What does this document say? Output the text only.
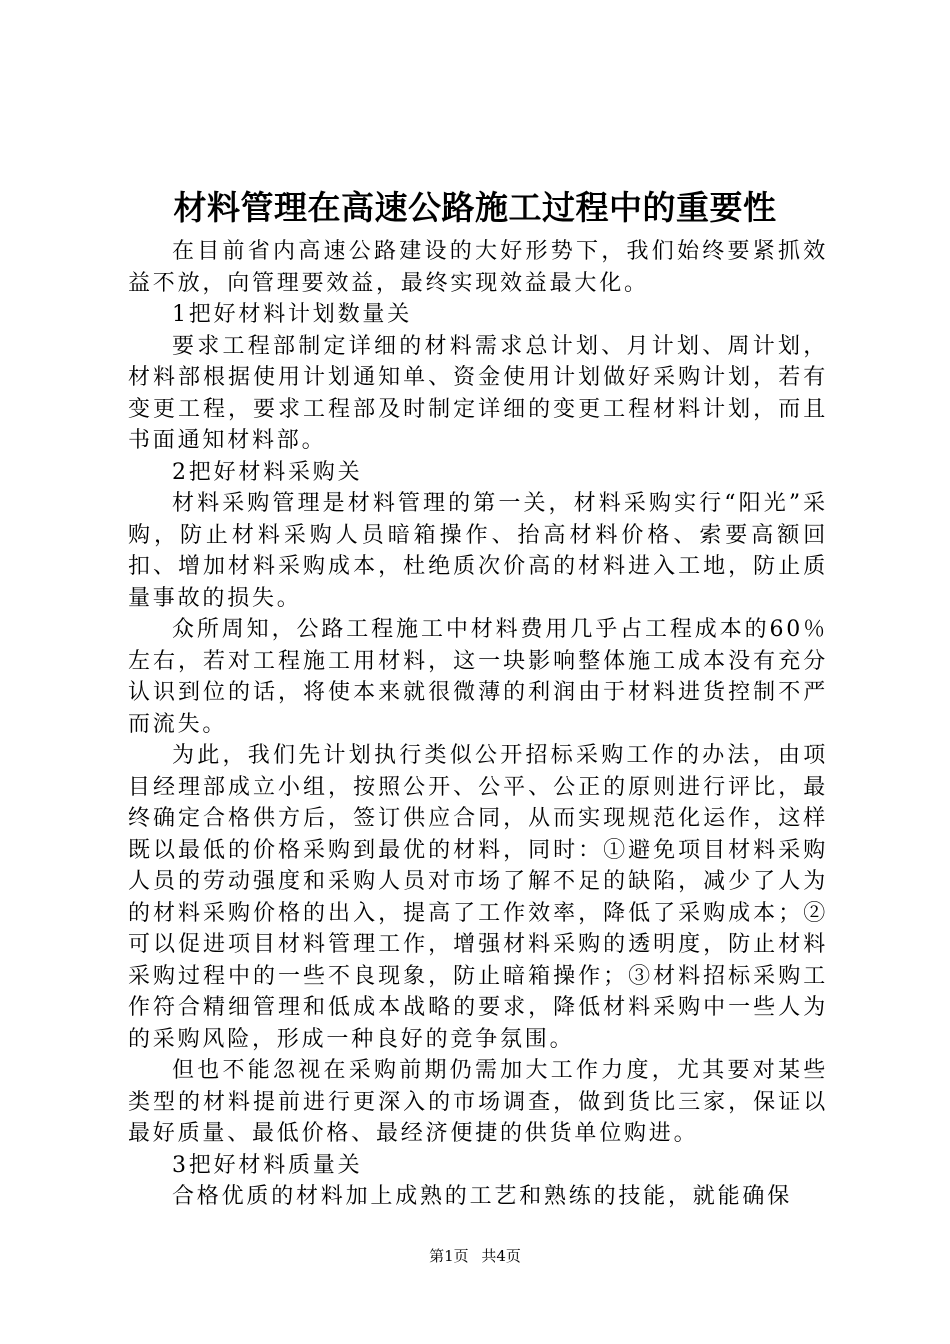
材料管理在高速公路施工过程中的重要性

在目前省内高速公路建设的大好形势下，我们始终要紧抓效益不放，向管理要效益，最终实现效益最大化。

1把好材料计划数量关

要求工程部制定详细的材料需求总计划、月计划、周计划，材料部根据使用计划通知单、资金使用计划做好采购计划，若有变更工程，要求工程部及时制定详细的变更工程材料计划，而且书面通知材料部。

2把好材料采购关

材料采购管理是材料管理的第一关，材料采购实行“阳光”采购，防止材料采购人员暗箱操作、抬高材料价格、索要高额回扣、增加材料采购成本，杜绝质次价高的材料进入工地，防止质量事故的损失。

众所周知，公路工程施工中材料费用几乎占工程成本的60％左右，若对工程施工用材料，这一块影响整体施工成本没有充分认识到位的话，将使本来就很微薄的利润由于材料进货控制不严而流失。

为此，我们先计划执行类似公开招标采购工作的办法，由项目经理部成立小组，按照公开、公平、公正的原则进行评比，最终确定合格供方后，签订供应合同，从而实现规范化运作，这样既以最低的价格采购到最优的材料，同时：①避免项目材料采购人员的劳动强度和采购人员对市场了解不足的缺陷，减少了人为的材料采购价格的出入，提高了工作效率，降低了采购成本；②可以促进项目材料管理工作，增强材料采购的透明度，防止材料采购过程中的一些不良现象，防止暗箱操作；③材料招标采购工作符合精细管理和低成本战略的要求，降低材料采购中一些人为的采购风险，形成一种良好的竞争氛围。

但也不能忽视在采购前期仍需加大工作力度，尤其要对某些类型的材料提前进行更深入的市场调查，做到货比三家，保证以最好质量、最低价格、最经济便捷的供货单位购进。

3把好材料质量关

合格优质的材料加上成熟的工艺和熟练的技能，就能确保

第1页 共4页
